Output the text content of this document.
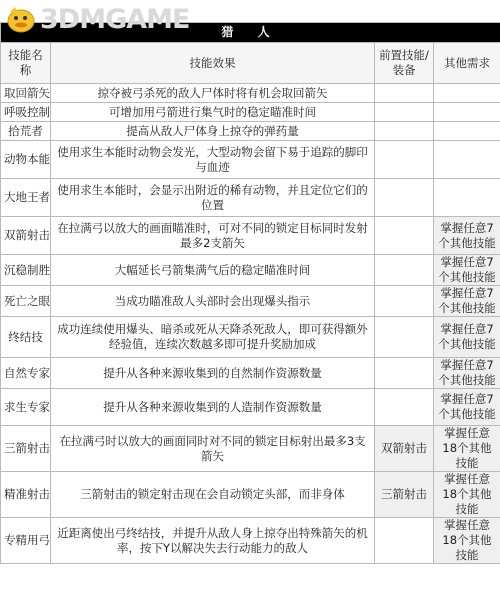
3DMGAME	猎 人			
技能名称	技能效果	前置技能/装备	其他需求
取回箭矢	掠夺被弓杀死的敌人尸体时将有机会取回箭矢		
呼吸控制	可增加用弓箭进行集气时的稳定瞄准时间		
拾荒者	提高从敌人尸体身上掠夺的弹药量		
动物本能	使用求生本能时动物会发光，大型动物会留下易于追踪的脚印与血迹		
大地王者	使用求生本能时，会显示出附近的稀有动物，并且定位它们的位置		
双箭射击	在拉满弓以放大的画面瞄准时，可对不同的锁定目标同时发射最多2支箭矢		掌握任意7个其他技能
沉稳制胜	大幅延长弓箭集满气后的稳定瞄准时间		掌握任意7个其他技能
死亡之眼	当成功瞄准敌人头部时会出现爆头指示		掌握任意7个其他技能
终结技	成功连续使用爆头、暗杀或死从天降杀死敌人，即可获得额外经验值，连续次数越多即可提升奖励加成		掌握任意7个其他技能
自然专家	提升从各种来源收集到的自然制作资源数量		掌握任意7个其他技能
求生专家	提升从各种来源收集到的人造制作资源数量		掌握任意7个其他技能
三箭射击	在拉满弓时以放大的画面同时对不同的锁定目标射出最多3支箭矢	双箭射击	掌握任意18个其他技能
精准射击	三箭射击的锁定射击现在会自动锁定头部，而非身体	三箭射击	掌握任意18个其他技能
专精用弓	近距离使出弓终结技，并提升从敌人身上掠夺出特殊箭矢的机率，按下Y以解决失去行动能力的敌人		掌握任意18个其他技能
